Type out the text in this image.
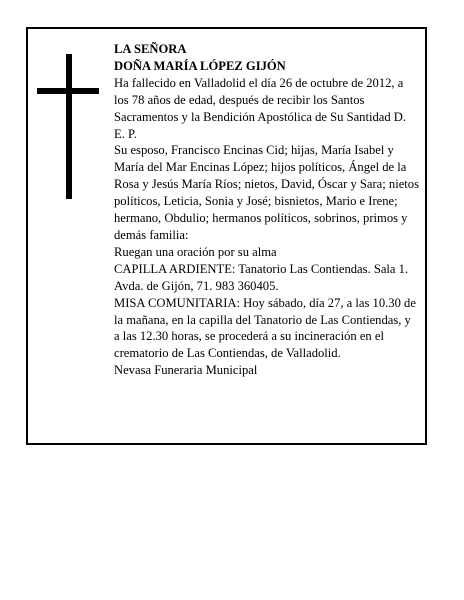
LA SEÑORA

DOÑA MARÍA LÓPEZ GIJÓN

Ha fallecido en Valladolid el día 26 de octubre de 2012, a los 78 años de edad, después de recibir los Santos Sacramentos y la Bendición Apostólica de Su Santidad D. E. P.

Su esposo, Francisco Encinas Cid; hijas, María Isabel y María del Mar Encinas López; hijos políticos, Ángel de la Rosa y Jesús María Ríos; nietos, David, Óscar y Sara; nietos políticos, Leticia, Sonia y José; bisnietos, Mario e Irene; hermano, Obdulio; hermanos políticos, sobrinos, primos y demás familia:

Ruegan una oración por su alma

CAPILLA ARDIENTE: Tanatorio Las Contiendas. Sala 1. Avda. de Gijón, 71. 983 360405.

MISA COMUNITARIA: Hoy sábado, día 27, a las 10.30 de la mañana, en la capilla del Tanatorio de Las Contiendas, y a las 12.30 horas, se procederá a su incineración en el crematorio de Las Contiendas, de Valladolid.

Nevasa Funeraria Municipal
